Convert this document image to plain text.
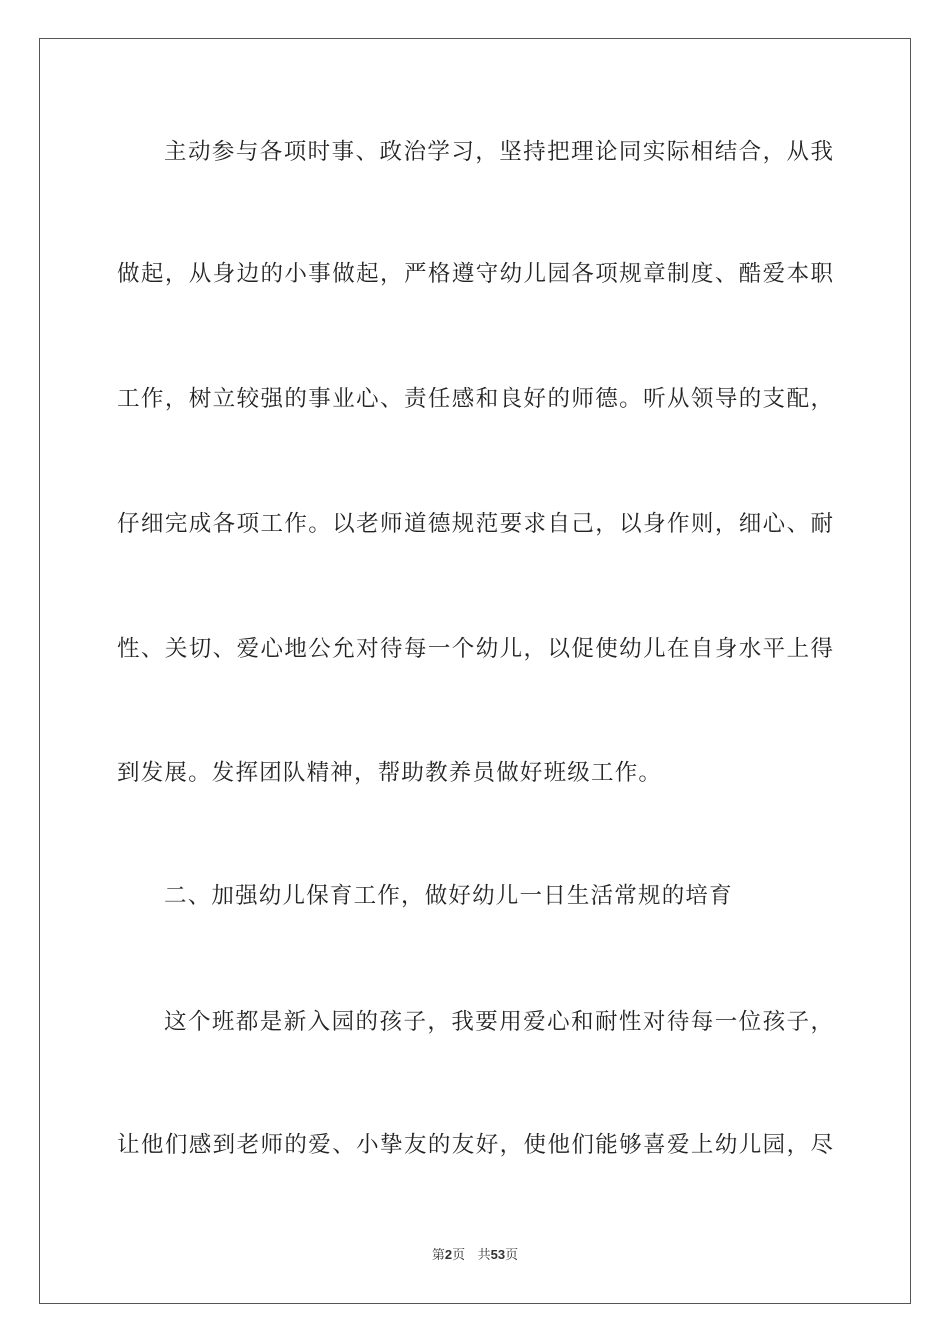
主动参与各项时事、政治学习，坚持把理论同实际相结合，从我
做起，从身边的小事做起，严格遵守幼儿园各项规章制度、酷爱本职
工作，树立较强的事业心、责任感和良好的师德。听从领导的支配，
仔细完成各项工作。以老师道德规范要求自己，以身作则，细心、耐
性、关切、爱心地公允对待每一个幼儿，以促使幼儿在自身水平上得
到发展。发挥团队精神，帮助教养员做好班级工作。
二、加强幼儿保育工作，做好幼儿一日生活常规的培育
这个班都是新入园的孩子，我要用爱心和耐性对待每一位孩子，
让他们感到老师的爱、小挚友的友好，使他们能够喜爱上幼儿园，尽
第2页 共53页
